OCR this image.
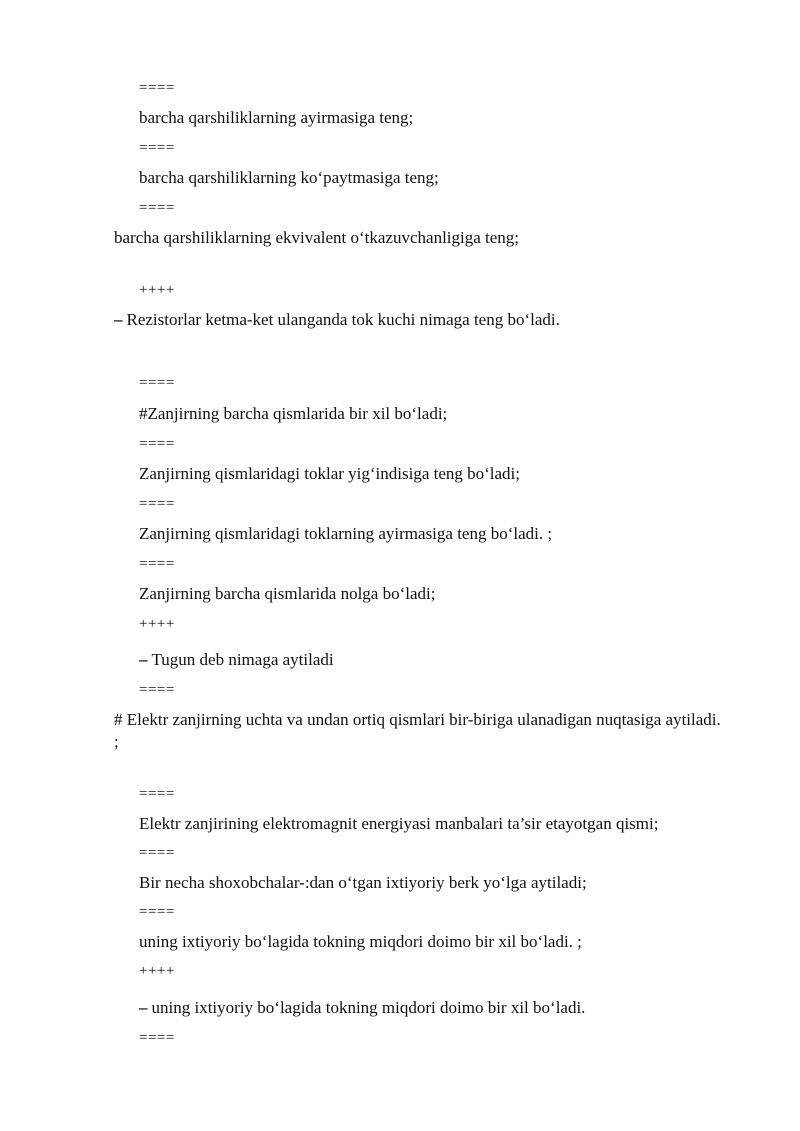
====
barcha qarshiliklarning ayirmasiga teng;
====
barcha qarshiliklarning ko‘paytmasiga teng;
====
barcha qarshiliklarning ekvivalent o‘tkazuvchanligiga teng;
++++
– Rezistorlar ketma-ket ulanganda tok kuchi nimaga teng bo‘ladi.
====
#Zanjirning barcha qismlarida bir xil bo‘ladi;
====
Zanjirning qismlaridagi toklar yig‘indisiga teng bo‘ladi;
====
Zanjirning qismlaridagi toklarning ayirmasiga teng bo‘ladi. ;
====
Zanjirning barcha qismlarida nolga bo‘ladi;
++++
– Tugun deb nimaga aytiladi
====
# Elektr zanjirning uchta va undan ortiq qismlari bir-biriga ulanadigan nuqtasiga aytiladi. ;
====
Elektr zanjirining elektromagnit energiyasi manbalari ta’sir etayotgan qismi;
====
Bir necha shoxobchalar-:dan o‘tgan ixtiyoriy berk yo‘lga aytiladi;
====
uning ixtiyoriy bo‘lagida tokning miqdori doimo bir xil bo‘ladi. ;
++++
– uning ixtiyoriy bo‘lagida tokning miqdori doimo bir xil bo‘ladi.
====
